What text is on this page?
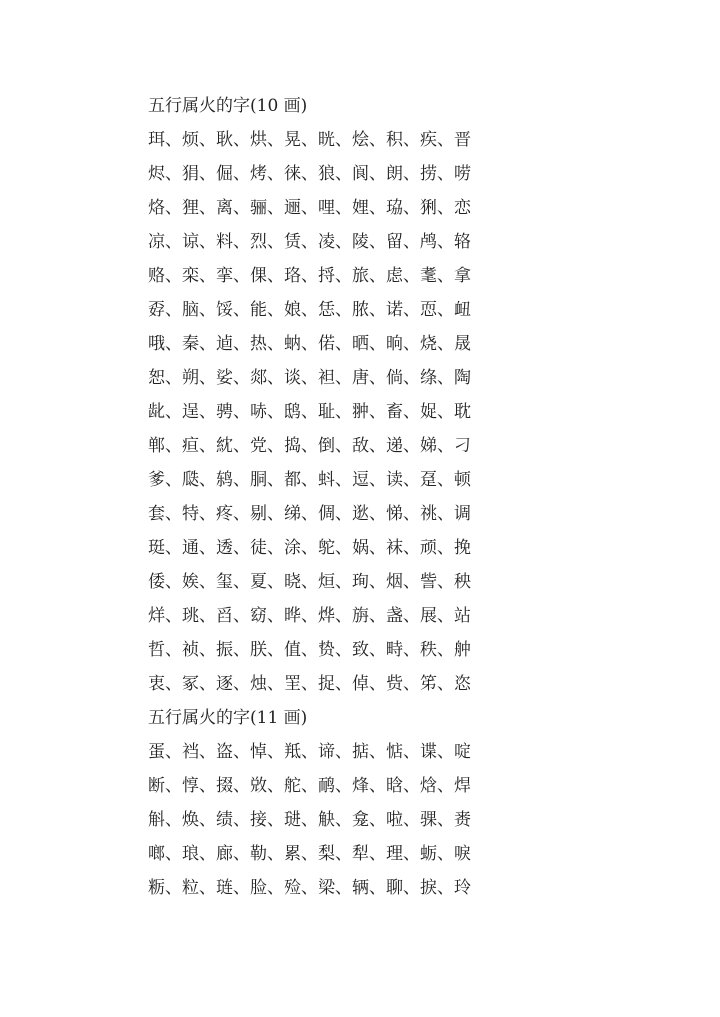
五行属火的字(10 画)
珥、烦、耿、烘、晃、晄、烩、积、疾、晋
烬、狷、倔、烤、徕、狼、阆、朗、捞、唠
烙、狸、离、骊、逦、哩、娌、珕、猁、恋
凉、谅、料、烈、赁、凌、陵、留、鸬、辂
赂、栾、挛、倮、珞、捋、旅、虑、耄、拿
孬、脑、馁、能、娘、恁、脓、诺、恧、衄
哦、秦、逌、热、蚋、偌、晒、晌、烧、晟
恕、朔、娑、郯、谈、袒、唐、倘、绦、陶
龀、逞、骋、哧、鸱、耻、翀、畜、娖、耽
郸、疸、紞、党、捣、倒、敌、递、娣、刁
爹、瓞、鸫、胴、都、蚪、逗、读、趸、顿
套、特、疼、剔、绨、倜、逖、悌、祧、调
珽、通、透、徒、涂、鸵、娲、袜、顽、挽
倭、娭、玺、夏、晓、烜、珣、烟、訾、秧
烊、珧、舀、窈、晔、烨、旃、盏、展、站
哲、祯、振、朕、值、贽、致、畤、秩、舯
衷、冢、逐、烛、罜、捉、倬、赀、笫、恣
五行属火的字(11 画)
蛋、裆、盗、悼、羝、谛、掂、惦、谍、啶
断、惇、掇、敚、舵、鸸、烽、晗、焓、焊
斛、焕、绩、接、琎、觖、龛、啦、骒、赉
啷、琅、廊、勒、累、梨、犁、理、蛎、唳
粝、粒、琏、脸、殓、梁、辆、聊、捩、玲
